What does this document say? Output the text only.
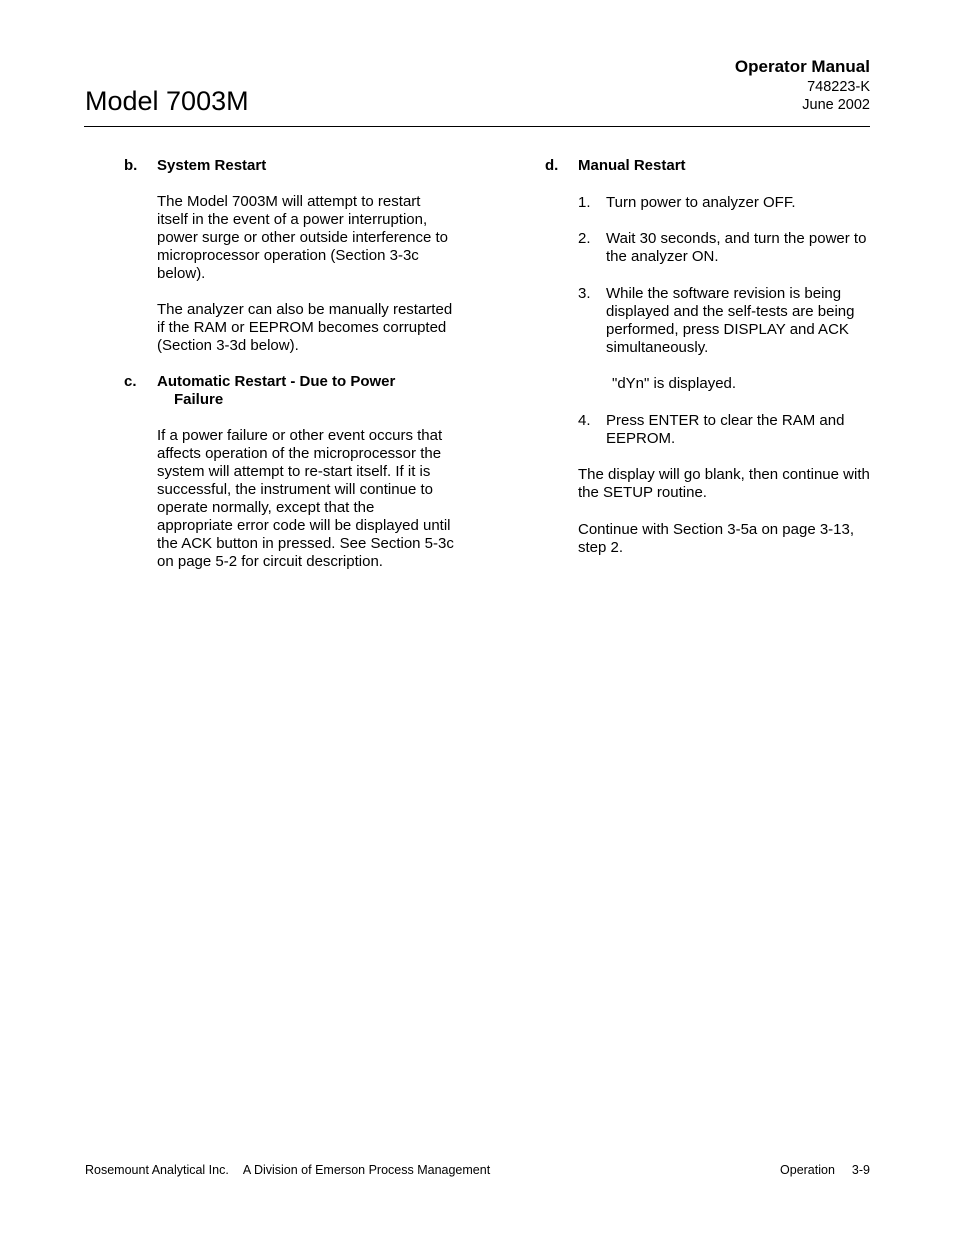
Model 7003M
Operator Manual
748223-K
June 2002
b. System Restart

The Model 7003M will attempt to restart itself in the event of a power interruption, power surge or other outside interference to microprocessor operation (Section 3-3c below).

The analyzer can also be manually restarted if the RAM or EEPROM becomes corrupted (Section 3-3d below).

c. Automatic Restart - Due to Power

Failure

If a power failure or other event occurs that affects operation of the microprocessor the system will attempt to re-start itself. If it is successful, the instrument will continue to operate normally, except that the appropriate error code will be displayed until the ACK button in pressed. See Section 5-3c on page 5-2 for circuit description.

d. Manual Restart

1. Turn power to analyzer OFF.
2. Wait 30 seconds, and turn the power to the analyzer ON.
3. While the software revision is being displayed and the self-tests are being performed, press DISPLAY and ACK simultaneously.

"dYn" is displayed.

4. Press ENTER to clear the RAM and EEPROM.

The display will go blank, then continue with the SETUP routine.

Continue with Section 3-5a on page 3-13, step 2.

Rosemount Analytical Inc. A Division of Emerson Process Management	Operation 3-9
